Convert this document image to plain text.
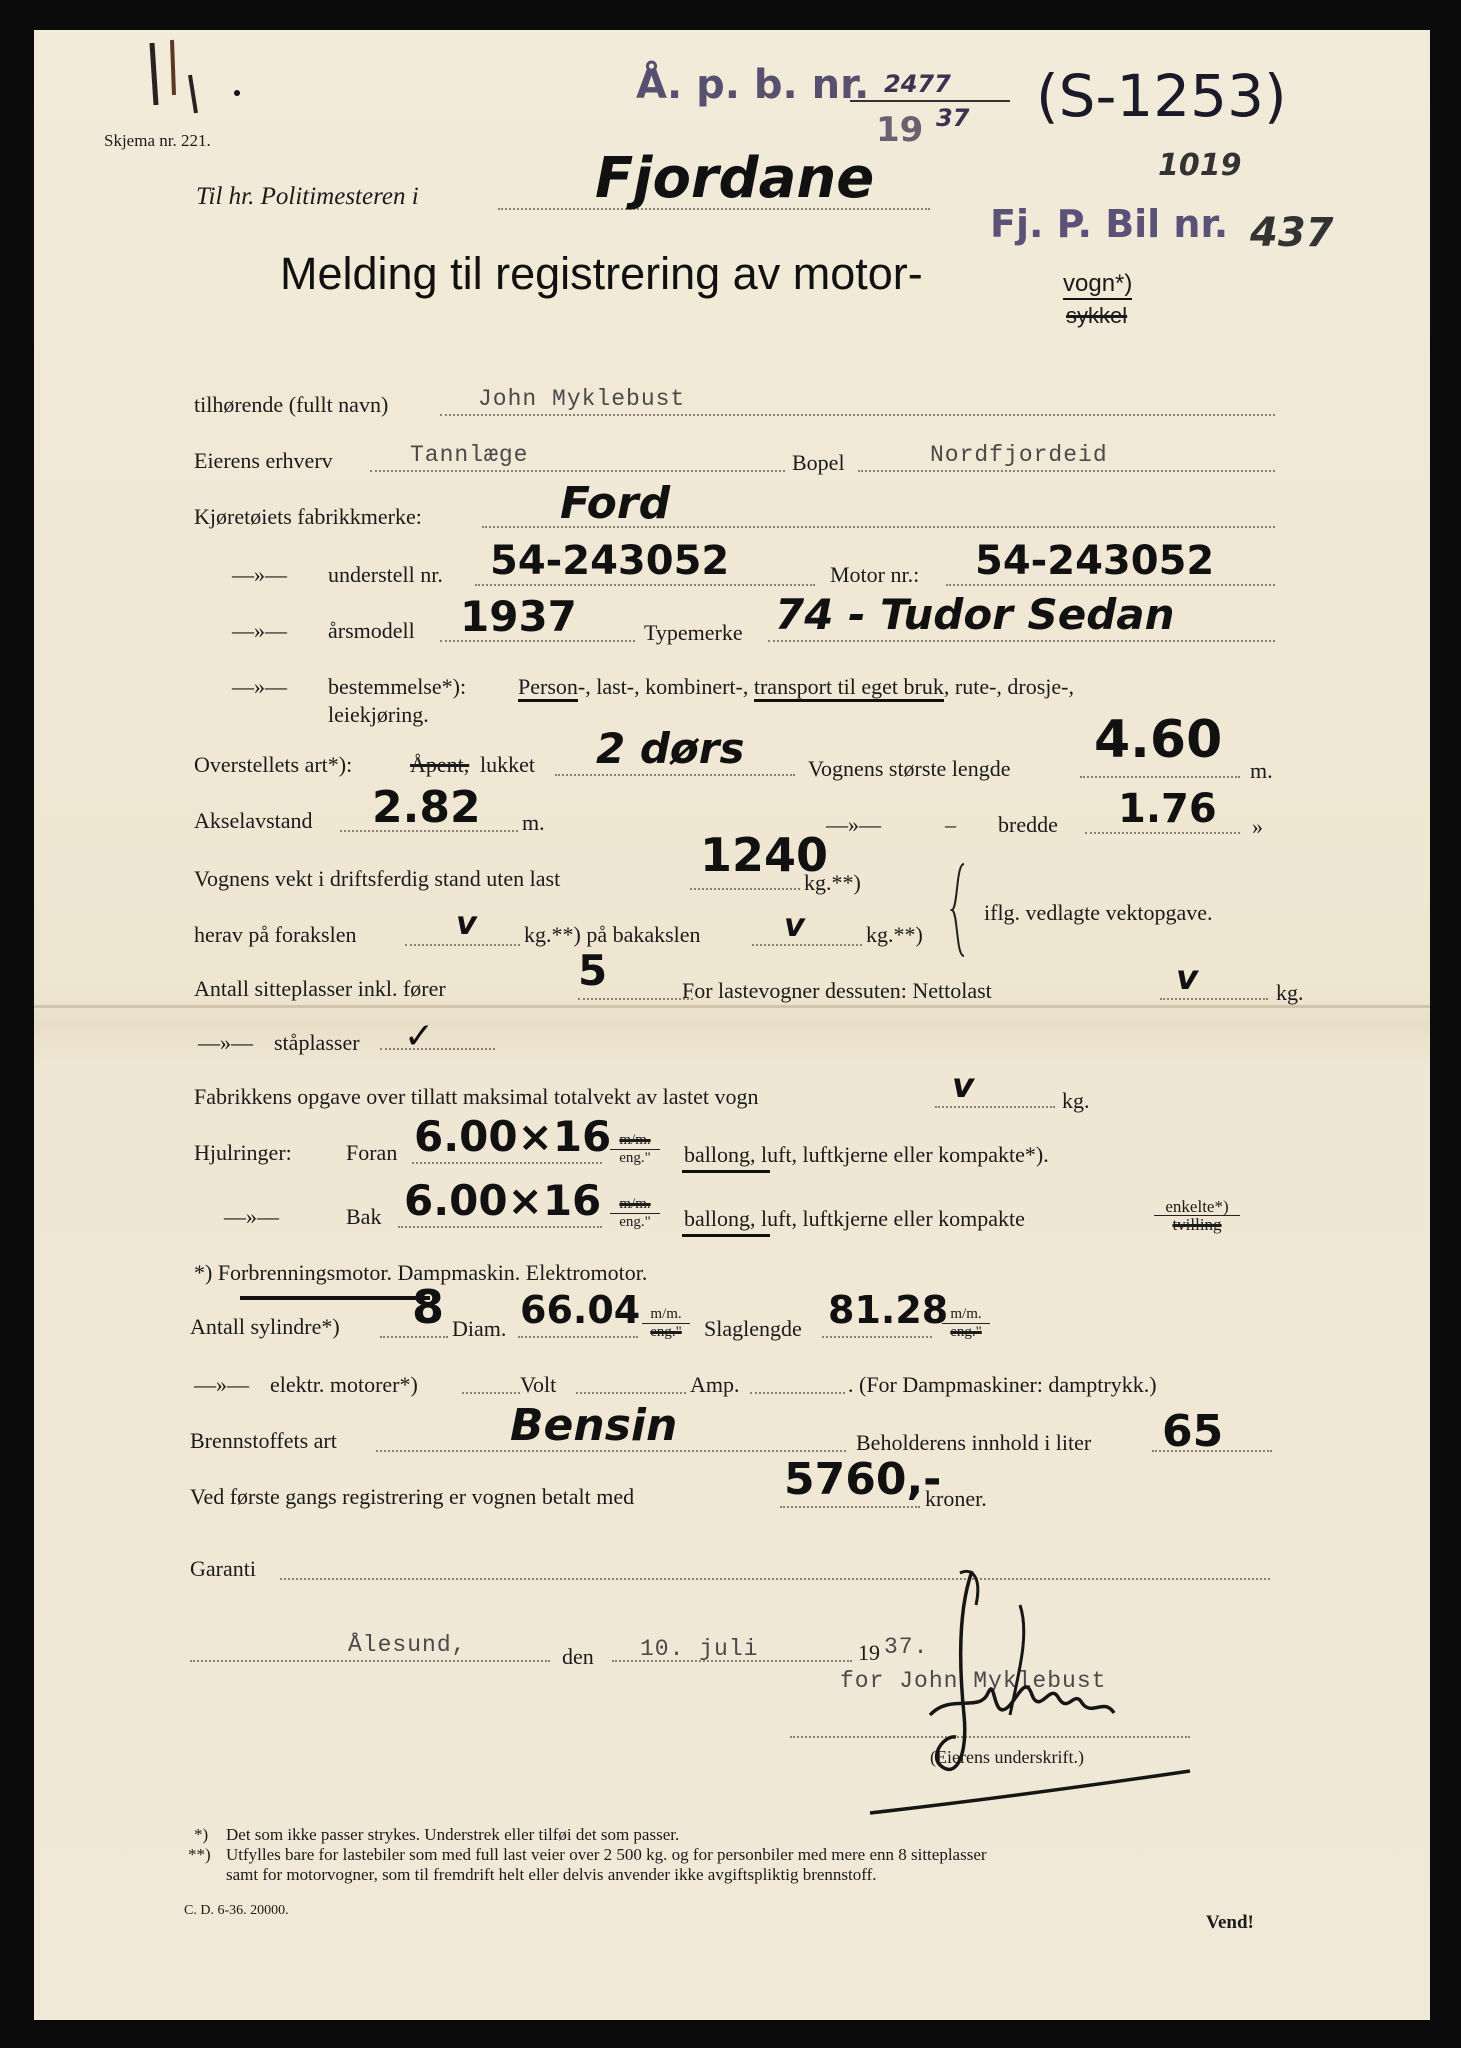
Skjema nr. 221.
Å. p. b. nr. 2477
19 37 (S-1253)
1019
Til hr. Politimesteren i	Fjordane
Fj. P. Bil nr. 437
Melding til registrering av motor-	vogn*)
sykkel
tilhørende (fullt navn)	John Myklebust
Eierens erhverv	Tannlæge	Bopel	Nordfjordeid
Kjøretøiets fabrikkmerke:	Ford
—»— understell nr. 54-243052	Motor nr.: 54-243052
—»— årsmodell 1937	Typemerke 74 - Tudor Sedan
—»— bestemmelse*): Person-, last-, kombinert-, transport til eget bruk, rute-, drosje-,
leiekjøring.
Overstellets art*):	Åpent, lukket 2 dørs	Vognens største lengde 4.60
m.
Akselavstand 2.82 m.	—»—	– bredde 1.76 »
Vognens vekt i driftsferdig stand uten last	1240
kg.**)
herav på forakslen	v kg.**) på bakakslen	v	kg.**)
iflg. vedlagte vektopgave.
Antall sitteplasser inkl. fører	5	For lastevogner dessuten: Nettolast	v	kg.
—»— ståplasser ✓
Fabrikkens opgave over tillatt maksimal totalvekt av lastet vogn	v	kg.
Hjulringer: Foran 6.00×16 m/m.
eng."	ballong, luft, luftkjerne eller kompakte*).
—»—	Bak 6.00×16	m/m.
eng."	ballong, luft, luftkjerne eller kompakte	enkelte*)
tvilling
*) Forbrenningsmotor. Dampmaskin. Elektromotor.
Antall sylindre*) 8 Diam. 66.04 m/m.
eng."	Slaglengde 81.28 m/m.
eng."
—»— elektr. motorer*)	Volt	Amp.	. (For Dampmaskiner: damptrykk.)
Brennstoffets art	Bensin	Beholderens innhold i liter 65
Ved første gangs registrering er vognen betalt med	5760,-
kroner.
Garanti
Ålesund,	den 10. juli	19 37.
for John Myklebust
(Eierens underskrift.)
*) Det som ikke passer strykes. Understrek eller tilføi det som passer.
**) Utfylles bare for lastebiler som med full last veier over 2 500 kg. og for personbiler med mere enn 8 sitteplasser
samt for motorvogner, som til fremdrift helt eller delvis anvender ikke avgiftspliktig brennstoff.
C. D. 6-36. 20000.
Vend!
